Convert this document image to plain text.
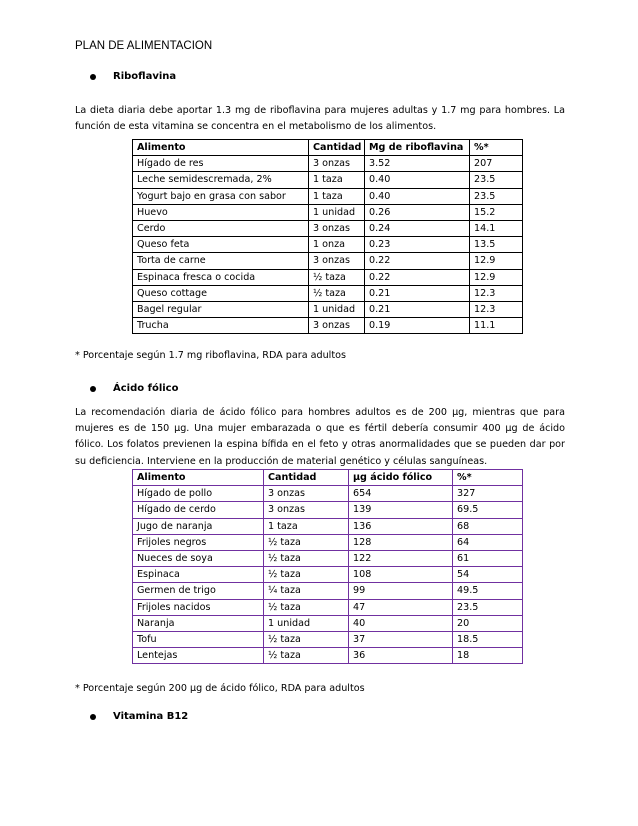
PLAN DE ALIMENTACION
Riboflavina
La dieta diaria debe aportar 1.3 mg de riboflavina para mujeres adultas y 1.7 mg para hombres. La función de esta vitamina se concentra en el metabolismo de los alimentos.
Alimento	Cantidad	Mg de riboflavina	%*
Hígado de res	3 onzas	3.52	207
Leche semidescremada, 2%	1 taza	0.40	23.5
Yogurt bajo en grasa con sabor	1 taza	0.40	23.5
Huevo	1 unidad	0.26	15.2
Cerdo	3 onzas	0.24	14.1
Queso feta	1 onza	0.23	13.5
Torta de carne	3 onzas	0.22	12.9
Espinaca fresca o cocida	½ taza	0.22	12.9
Queso cottage	½ taza	0.21	12.3
Bagel regular	1 unidad	0.21	12.3
Trucha	3 onzas	0.19	11.1
* Porcentaje según 1.7 mg riboflavina, RDA para adultos
Ácido fólico
La recomendación diaria de ácido fólico para hombres adultos es de 200 µg, mientras que para mujeres es de 150 µg. Una mujer embarazada o que es fértil debería consumir 400 µg de ácido fólico. Los folatos previenen la espina bífida en el feto y otras anormalidades que se pueden dar por su deficiencia. Interviene en la producción de material genético y células sanguíneas.
Alimento	Cantidad	µg ácido fólico	%*
Hígado de pollo	3 onzas	654	327
Hígado de cerdo	3 onzas	139	69.5
Jugo de naranja	1 taza	136	68
Frijoles negros	½ taza	128	64
Nueces de soya	½ taza	122	61
Espinaca	½ taza	108	54
Germen de trigo	¼ taza	99	49.5
Frijoles nacidos	½ taza	47	23.5
Naranja	1 unidad	40	20
Tofu	½ taza	37	18.5
Lentejas	½ taza	36	18
* Porcentaje según 200 µg de ácido fólico, RDA para adultos
Vitamina B12
